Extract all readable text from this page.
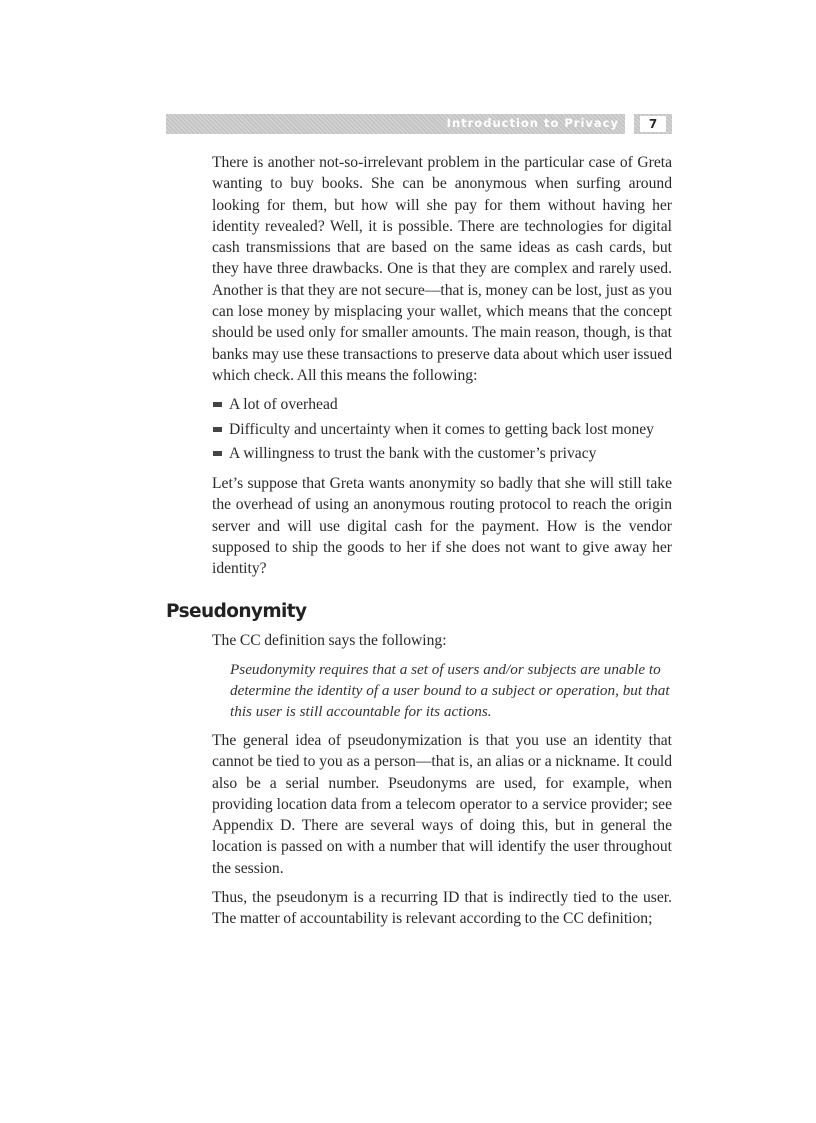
Introduction to Privacy	7

There is another not-so-irrelevant problem in the particular case of Greta wanting to buy books. She can be anonymous when surfing around looking for them, but how will she pay for them without having her identity revealed? Well, it is possible. There are technologies for digital cash transmissions that are based on the same ideas as cash cards, but they have three drawbacks. One is that they are complex and rarely used. Another is that they are not secure—that is, money can be lost, just as you can lose money by misplacing your wallet, which means that the concept should be used only for smaller amounts. The main reason, though, is that banks may use these transactions to preserve data about which user issued which check. All this means the following:

A lot of overhead
Difficulty and uncertainty when it comes to getting back lost money
A willingness to trust the bank with the customer’s privacy

Let’s suppose that Greta wants anonymity so badly that she will still take the overhead of using an anonymous routing protocol to reach the origin server and will use digital cash for the payment. How is the vendor supposed to ship the goods to her if she does not want to give away her identity?

Pseudonymity

The CC definition says the following:

Pseudonymity requires that a set of users and/or subjects are unable to determine the identity of a user bound to a subject or operation, but that this user is still accountable for its actions.

The general idea of pseudonymization is that you use an identity that cannot be tied to you as a person—that is, an alias or a nickname. It could also be a serial number. Pseudonyms are used, for example, when providing location data from a telecom operator to a service provider; see Appendix D. There are several ways of doing this, but in general the location is passed on with a number that will identify the user throughout the session.

Thus, the pseudonym is a recurring ID that is indirectly tied to the user. The matter of accountability is relevant according to the CC definition;
